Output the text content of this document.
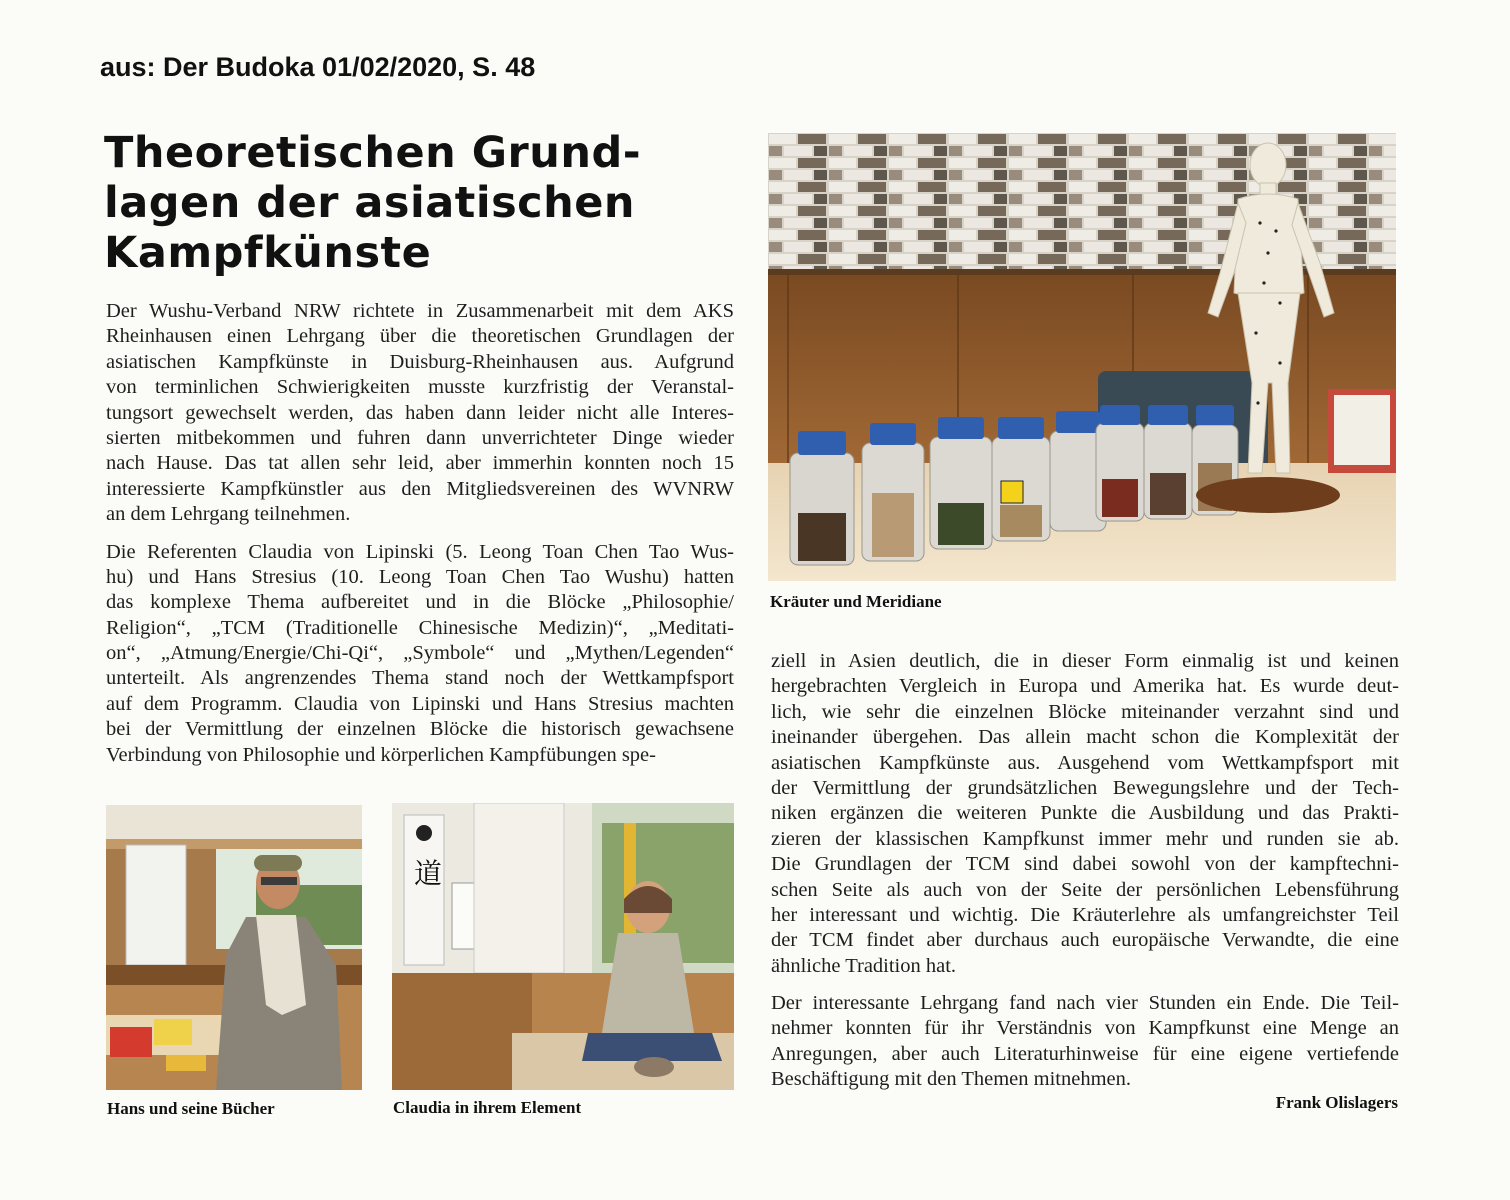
aus: Der Budoka 01/02/2020, S. 48
Theoretischen Grund-
lagen der asiatischen
Kampfkünste
Der Wushu-Verband NRW richtete in Zusammenarbeit mit dem AKS
Rheinhausen einen Lehrgang über die theoretischen Grundlagen der
asiatischen Kampfkünste in Duisburg-Rheinhausen aus. Aufgrund
von terminlichen Schwierigkeiten musste kurzfristig der Veranstal-
tungsort gewechselt werden, das haben dann leider nicht alle Interes-
sierten mitbekommen und fuhren dann unverrichteter Dinge wieder
nach Hause. Das tat allen sehr leid, aber immerhin konnten noch 15
interessierte Kampfkünstler aus den Mitgliedsvereinen des WVNRW
an dem Lehrgang teilnehmen.
Die Referenten Claudia von Lipinski (5. Leong Toan Chen Tao Wus-
hu) und Hans Stresius (10. Leong Toan Chen Tao Wushu) hatten
das komplexe Thema aufbereitet und in die Blöcke „Philosophie/
Religion“, „TCM (Traditionelle Chinesische Medizin)“, „Meditati-
on“, „Atmung/Energie/Chi-Qi“, „Symbole“ und „Mythen/Legenden“
unterteilt. Als angrenzendes Thema stand noch der Wettkampfsport
auf dem Programm. Claudia von Lipinski und Hans Stresius machten
bei der Vermittlung der einzelnen Blöcke die historisch gewachsene
Verbindung von Philosophie und körperlichen Kampfübungen spe-
ziell in Asien deutlich, die in dieser Form einmalig ist und keinen
hergebrachten Vergleich in Europa und Amerika hat. Es wurde deut-
lich, wie sehr die einzelnen Blöcke miteinander verzahnt sind und
ineinander übergehen. Das allein macht schon die Komplexität der
asiatischen Kampfkünste aus. Ausgehend vom Wettkampfsport mit
der Vermittlung der grundsätzlichen Bewegungslehre und der Tech-
niken ergänzen die weiteren Punkte die Ausbildung und das Prakti-
zieren der klassischen Kampfkunst immer mehr und runden sie ab.
Die Grundlagen der TCM sind dabei sowohl von der kampftechni-
schen Seite als auch von der Seite der persönlichen Lebensführung
her interessant und wichtig. Die Kräuterlehre als umfangreichster Teil
der TCM findet aber durchaus auch europäische Verwandte, die eine
ähnliche Tradition hat.
Der interessante Lehrgang fand nach vier Stunden ein Ende. Die Teil-
nehmer konnten für ihr Verständnis von Kampfkunst eine Menge an
Anregungen, aber auch Literaturhinweise für eine eigene vertiefende
Beschäftigung mit den Themen mitnehmen.
Kräuter und Meridiane
Hans und seine Bücher
道
Claudia in ihrem Element	Frank Olislagers
